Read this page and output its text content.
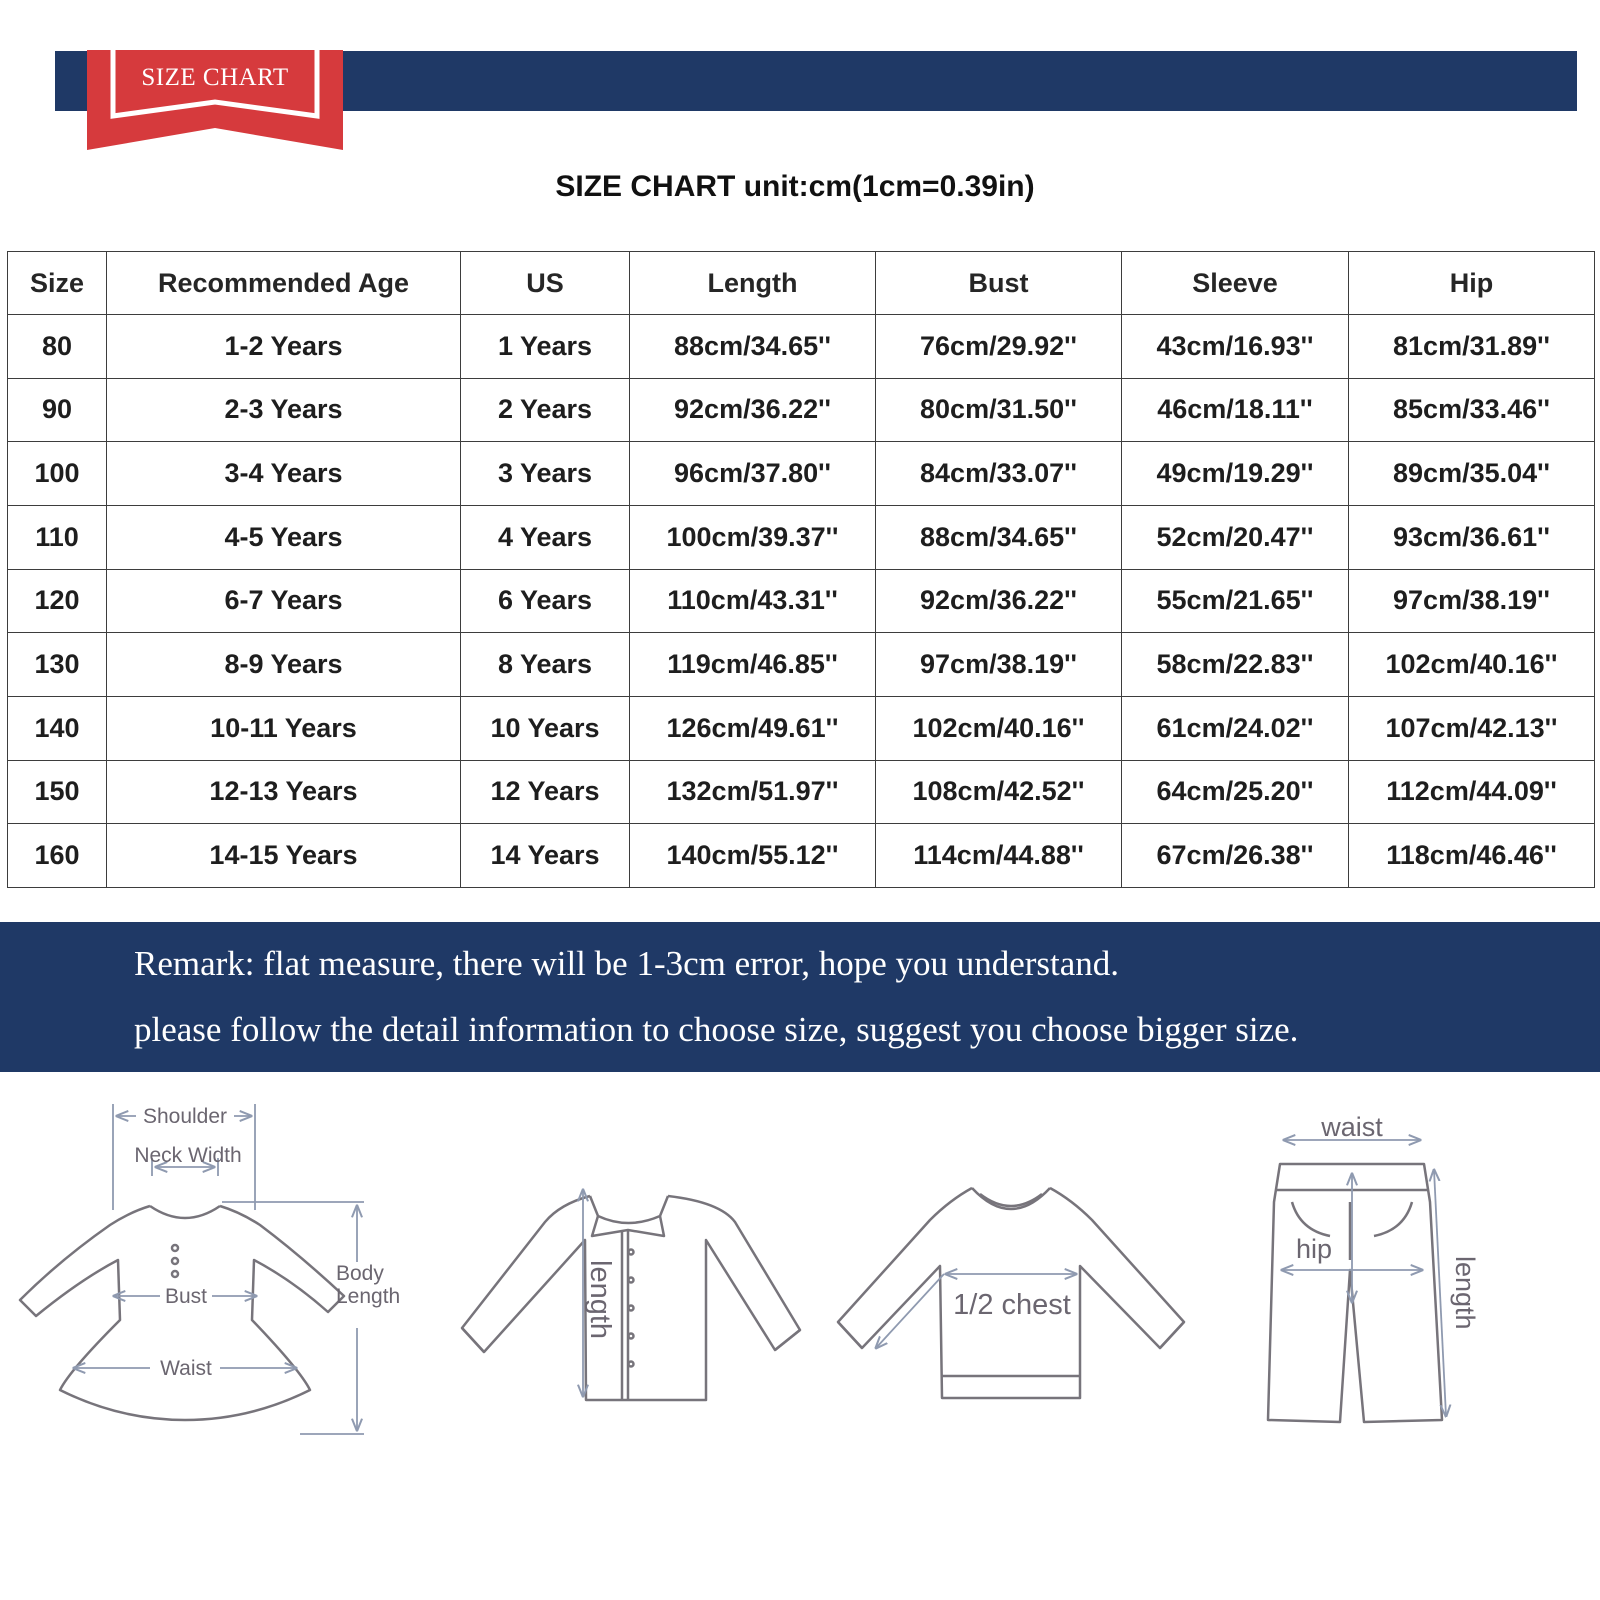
SIZE CHART
SIZE CHART unit:cm(1cm=0.39in)
Size	Recommended Age	US	Length	Bust	Sleeve	Hip
80	1-2 Years	1 Years	88cm/34.65''	76cm/29.92''	43cm/16.93''	81cm/31.89''
90	2-3 Years	2 Years	92cm/36.22''	80cm/31.50''	46cm/18.11''	85cm/33.46''
100	3-4 Years	3 Years	96cm/37.80''	84cm/33.07''	49cm/19.29''	89cm/35.04''
110	4-5 Years	4 Years	100cm/39.37''	88cm/34.65''	52cm/20.47''	93cm/36.61''
120	6-7 Years	6 Years	110cm/43.31''	92cm/36.22''	55cm/21.65''	97cm/38.19''
130	8-9 Years	8 Years	119cm/46.85''	97cm/38.19''	58cm/22.83''	102cm/40.16''
140	10-11 Years	10 Years	126cm/49.61''	102cm/40.16''	61cm/24.02''	107cm/42.13''
150	12-13 Years	12 Years	132cm/51.97''	108cm/42.52''	64cm/25.20''	112cm/44.09''
160	14-15 Years	14 Years	140cm/55.12''	114cm/44.88''	67cm/26.38''	118cm/46.46''
Remark: flat measure, there will be 1-3cm error, hope you understand.
please follow the detail information to choose size, suggest you choose bigger size.
Shoulder
Neck Width
Body
Length
Bust
Waist
length	1/2 chest
waist
hip
length
